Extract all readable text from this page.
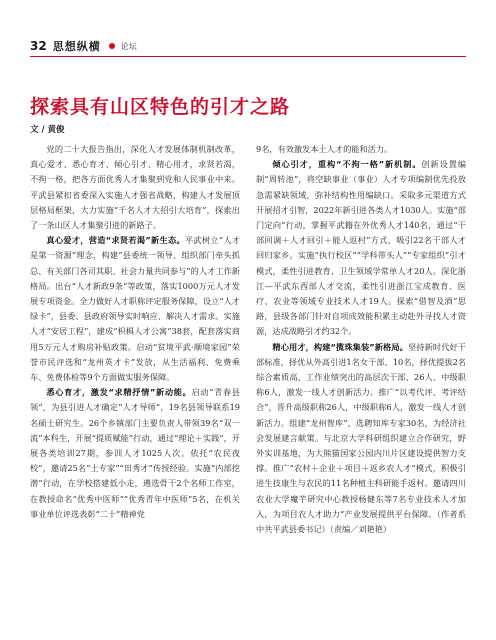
32 思想纵横	论坛
探索具有山区特色的引才之路
文 / 黄俊

党的二十大报告指出，深化人才发展体制机制改革，真心爱才、悉心育才、倾心引才、精心用才，求贤若渴，不拘一格，把各方面优秀人才集聚到党和人民事业中来。平武县紧扣省委深入实施人才强省战略，构建人才发展顶层格局框架，大力实施“千名人才大招引大培育”，探索出了一条山区人才集聚引进的新路子。

真心爱才，营造“求贤若渴”新生态。平武树立“人才是第一资源”理念，构建“县委统一领导、组织部门牵头抓总、有关部门各司其职、社会力量共同参与”的人才工作新格局。出台“人才新政9条”等政策，落实1000万元人才发展专项资金。全力做好人才职称评定服务保障，设立“人才绿卡”，县委、县政府领导实时响应、解决人才需求。实施人才“安居工程”，建成“枳椇人才公寓”38套，配套落实商用5万元人才购房补贴政策。启动“贫境平武·顺境家园”荣誉市民评选和“龙州英才卡”发放，从生活福利、免费乘车、免费体检等9个方面做实服务保障。

悉心育才，激发“求精抒情”新动能。启动“青春县领”，为县引进人才确定“人才导师”，19名县领导联系19名硕士研究生。26个乡镇部门主要负责人带领39名“双一流”本科生，开展“提质赋能”行动，通过“理论＋实践”，开展各类培训27期，参训人才1025人次。依托“农民夜校”，邀请25名“土专家”“田秀才”传授经验。实施“内部挖潜”行动，在学校搭建低小走，遴选骨干2个名师工作室，在教授命名“优秀中医师”“优秀青年中医师”5名，在机关事业单位评选表彰“二十”精神党

9名，有效激发本土人才的能和活力。

倾心引才，重构“不拘一格”新机制。创新设置编制“周转池”，将空缺事业（事业）人才专项编制优先投放急需紧缺领域，弥补结构性用编缺口。采取多元渠道方式开展招才引智，2022年新引进各类人才1030人。实施“部门定向”行动，掌握平武籍在外优秀人才140名，通过“干部回调＋人才回引＋能人返村”方式，吸引22名干部人才回归家乡。实施“执行校区”“学科带头人”“专家组织”引才模式，柔性引进教育、卫生领域学常单人才20人。深化浙江—平武东西部人才交流，柔性引进浙江宝成教育、医疗、农业等领域专业技术人才19人。探索“借智及酒”思路，县级各部门针对自项成效能积累主动赴外寻找人才资源，达成战略引才约32个。

精心用才，构建“揽珠集装”新格局。坚持新时代好干部标准，择优从外高引进1名女干部、10名，择优提拔2名综合素质高、工作业绩突出的高层次干部、26人、中级职称6人，激发一线人才创新活力。推广“以考代评、考评结合”，晋升高级职称26人，中级职称6人，激发一线人才创新活力。组建“龙州智库”，选聘知库专家30名，为经济社会发展建言献策。与北京大学科研组织建立合作研究，野外实训基地，为大熊猫国家公园内川片区建设提供智力支撑。推广“农村＋企业＋项目＋返乡农人才”模式，积极引进生技康生与农民的11名种植主科研能手返村。邀请四川农业大学魔芋研究中心教授杨健东等7名专业技术人才加入，为项目农人才助力“产业发展提供平台保障。（作者系中共平武县委书记）（责编／刘艳艳）
